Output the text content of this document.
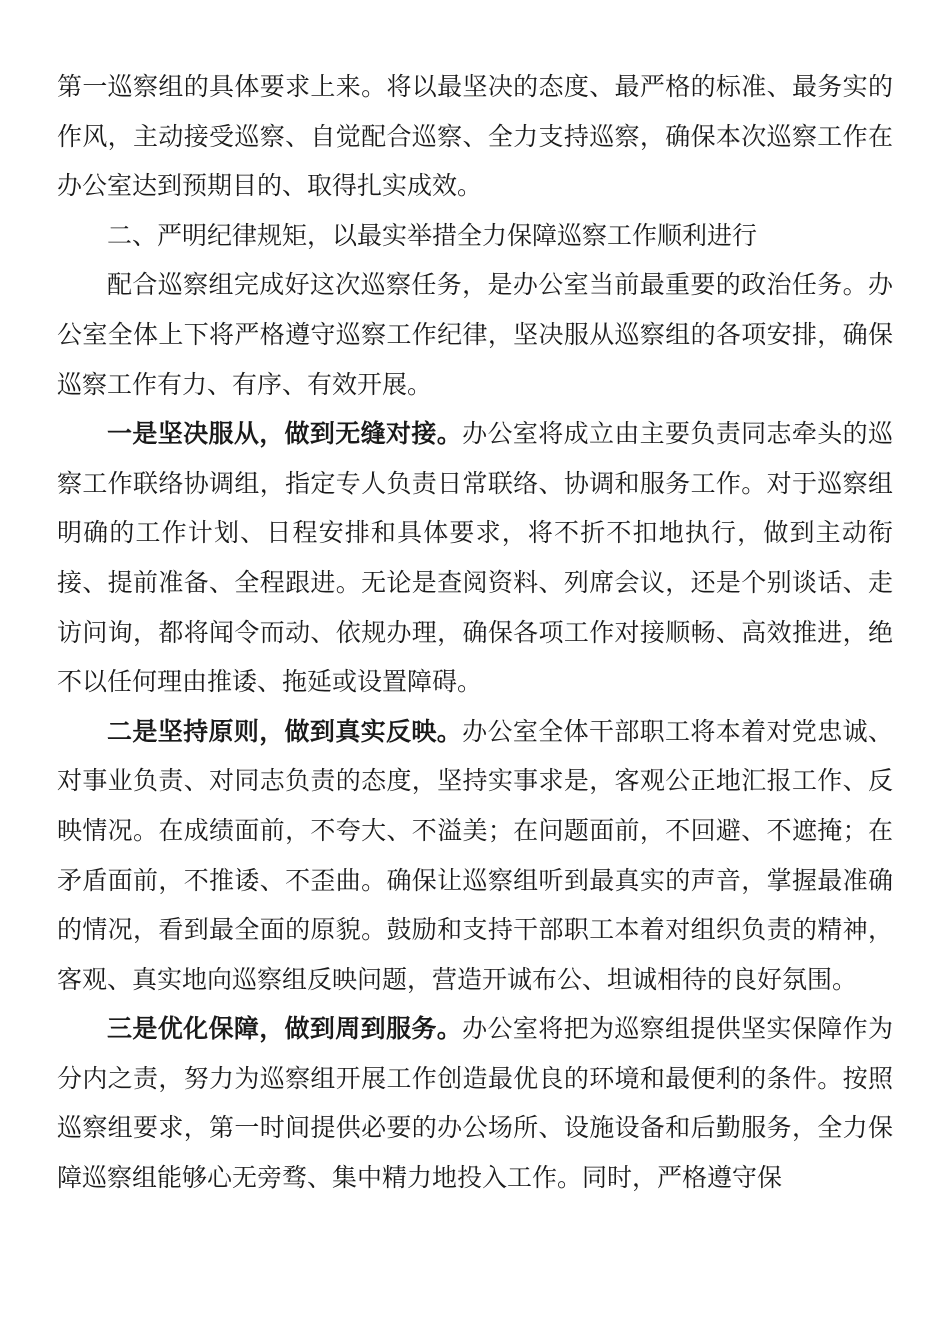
第一巡察组的具体要求上来。将以最坚决的态度、最严格的标准、最务实的作风，主动接受巡察、自觉配合巡察、全力支持巡察，确保本次巡察工作在办公室达到预期目的、取得扎实成效。

二、严明纪律规矩，以最实举措全力保障巡察工作顺利进行

配合巡察组完成好这次巡察任务，是办公室当前最重要的政治任务。办公室全体上下将严格遵守巡察工作纪律，坚决服从巡察组的各项安排，确保巡察工作有力、有序、有效开展。

一是坚决服从，做到无缝对接。办公室将成立由主要负责同志牵头的巡察工作联络协调组，指定专人负责日常联络、协调和服务工作。对于巡察组明确的工作计划、日程安排和具体要求，将不折不扣地执行，做到主动衔接、提前准备、全程跟进。无论是查阅资料、列席会议，还是个别谈话、走访问询，都将闻令而动、依规办理，确保各项工作对接顺畅、高效推进，绝不以任何理由推诿、拖延或设置障碍。

二是坚持原则，做到真实反映。办公室全体干部职工将本着对党忠诚、对事业负责、对同志负责的态度，坚持实事求是，客观公正地汇报工作、反映情况。在成绩面前，不夸大、不溢美；在问题面前，不回避、不遮掩；在矛盾面前，不推诿、不歪曲。确保让巡察组听到最真实的声音，掌握最准确的情况，看到最全面的原貌。鼓励和支持干部职工本着对组织负责的精神，客观、真实地向巡察组反映问题，营造开诚布公、坦诚相待的良好氛围。

三是优化保障，做到周到服务。办公室将把为巡察组提供坚实保障作为分内之责，努力为巡察组开展工作创造最优良的环境和最便利的条件。按照巡察组要求，第一时间提供必要的办公场所、设施设备和后勤服务，全力保障巡察组能够心无旁骛、集中精力地投入工作。同时，严格遵守保
